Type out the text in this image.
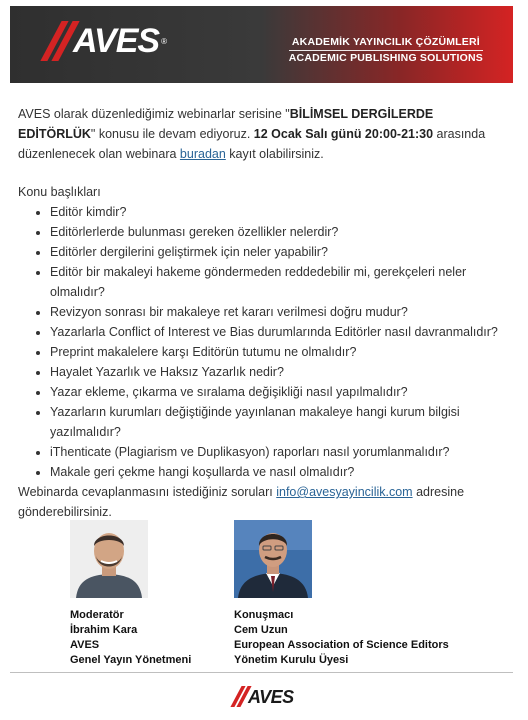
AVES ®	AKADEMİK YAYINCILIK ÇÖZÜMLERİ
ACADEMIC PUBLISHING SOLUTIONS

AVES olarak düzenlediğimiz webinarlar serisine "BİLİMSEL DERGİLERDE EDİTÖRLÜK" konusu ile devam ediyoruz. 12 Ocak Salı günü 20:00-21:30 arasında düzenlenecek olan webinara buradan kayıt olabilirsiniz.

Konu başlıkları

• Editör kimdir?
• Editörlerlerde bulunması gereken özellikler nelerdir?
• Editörler dergilerini geliştirmek için neler yapabilir?
• Editör bir makaleyi hakeme göndermeden reddedebilir mi, gerekçeleri neler olmalıdır?
• Revizyon sonrası bir makaleye ret kararı verilmesi doğru mudur?
• Yazarlarla Conflict of Interest ve Bias durumlarında Editörler nasıl davranmalıdır?
• Preprint makalelere karşı Editörün tutumu ne olmalıdır?
• Hayalet Yazarlık ve Haksız Yazarlık nedir?
• Yazar ekleme, çıkarma ve sıralama değişikliği nasıl yapılmalıdır?
• Yazarların kurumları değiştiğinde yayınlanan makaleye hangi kurum bilgisi yazılmalıdır?
• iThenticate (Plagiarism ve Duplikasyon) raporları nasıl yorumlanmalıdır?
• Makale geri çekme hangi koşullarda ve nasıl olmalıdır?

Webinarda cevaplanmasını istediğiniz soruları info@avesyayincilik.com adresine gönderebilirsiniz.

Moderatör
İbrahim Kara
AVES
Genel Yayın Yönetmeni
Konuşmacı
Cem Uzun
European Association of Science Editors
Yönetim Kurulu Üyesi
AVES
